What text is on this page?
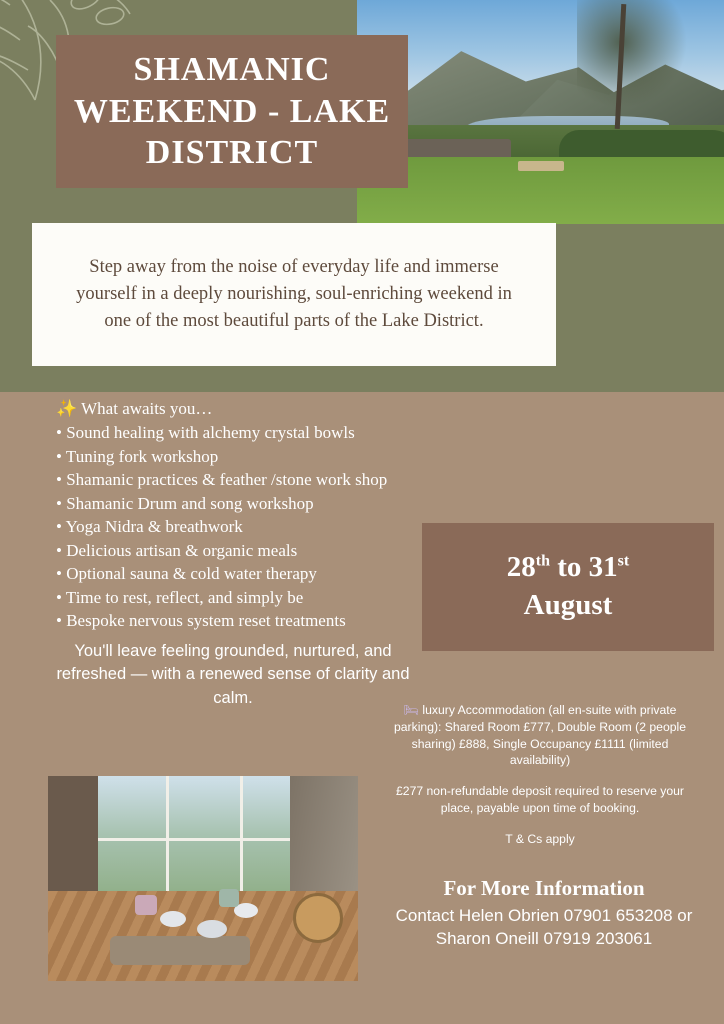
SHAMANIC WEEKEND - LAKE DISTRICT

Step away from the noise of everyday life and immerse yourself in a deeply nourishing, soul-enriching weekend in one of the most beautiful parts of the Lake District.

✨ What awaits you…
• Sound healing with alchemy crystal bowls
• Tuning fork workshop
• Shamanic practices & feather /stone work shop
• Shamanic Drum and song workshop
• Yoga Nidra & breathwork
• Delicious artisan & organic meals
• Optional sauna & cold water therapy
• Time to rest, reflect, and simply be
• Bespoke nervous system reset treatments
You'll leave feeling grounded, nurtured, and refreshed — with a renewed sense of clarity and calm.
28th to 31st
August
🛏 luxury Accommodation (all en-suite with private parking): Shared Room £777, Double Room (2 people sharing) £888, Single Occupancy £1111 (limited availability)
£277 non-refundable deposit required to reserve your place, payable upon time of booking.
T & Cs apply
For More Information
Contact Helen Obrien 07901 653208 or Sharon Oneill 07919 203061
